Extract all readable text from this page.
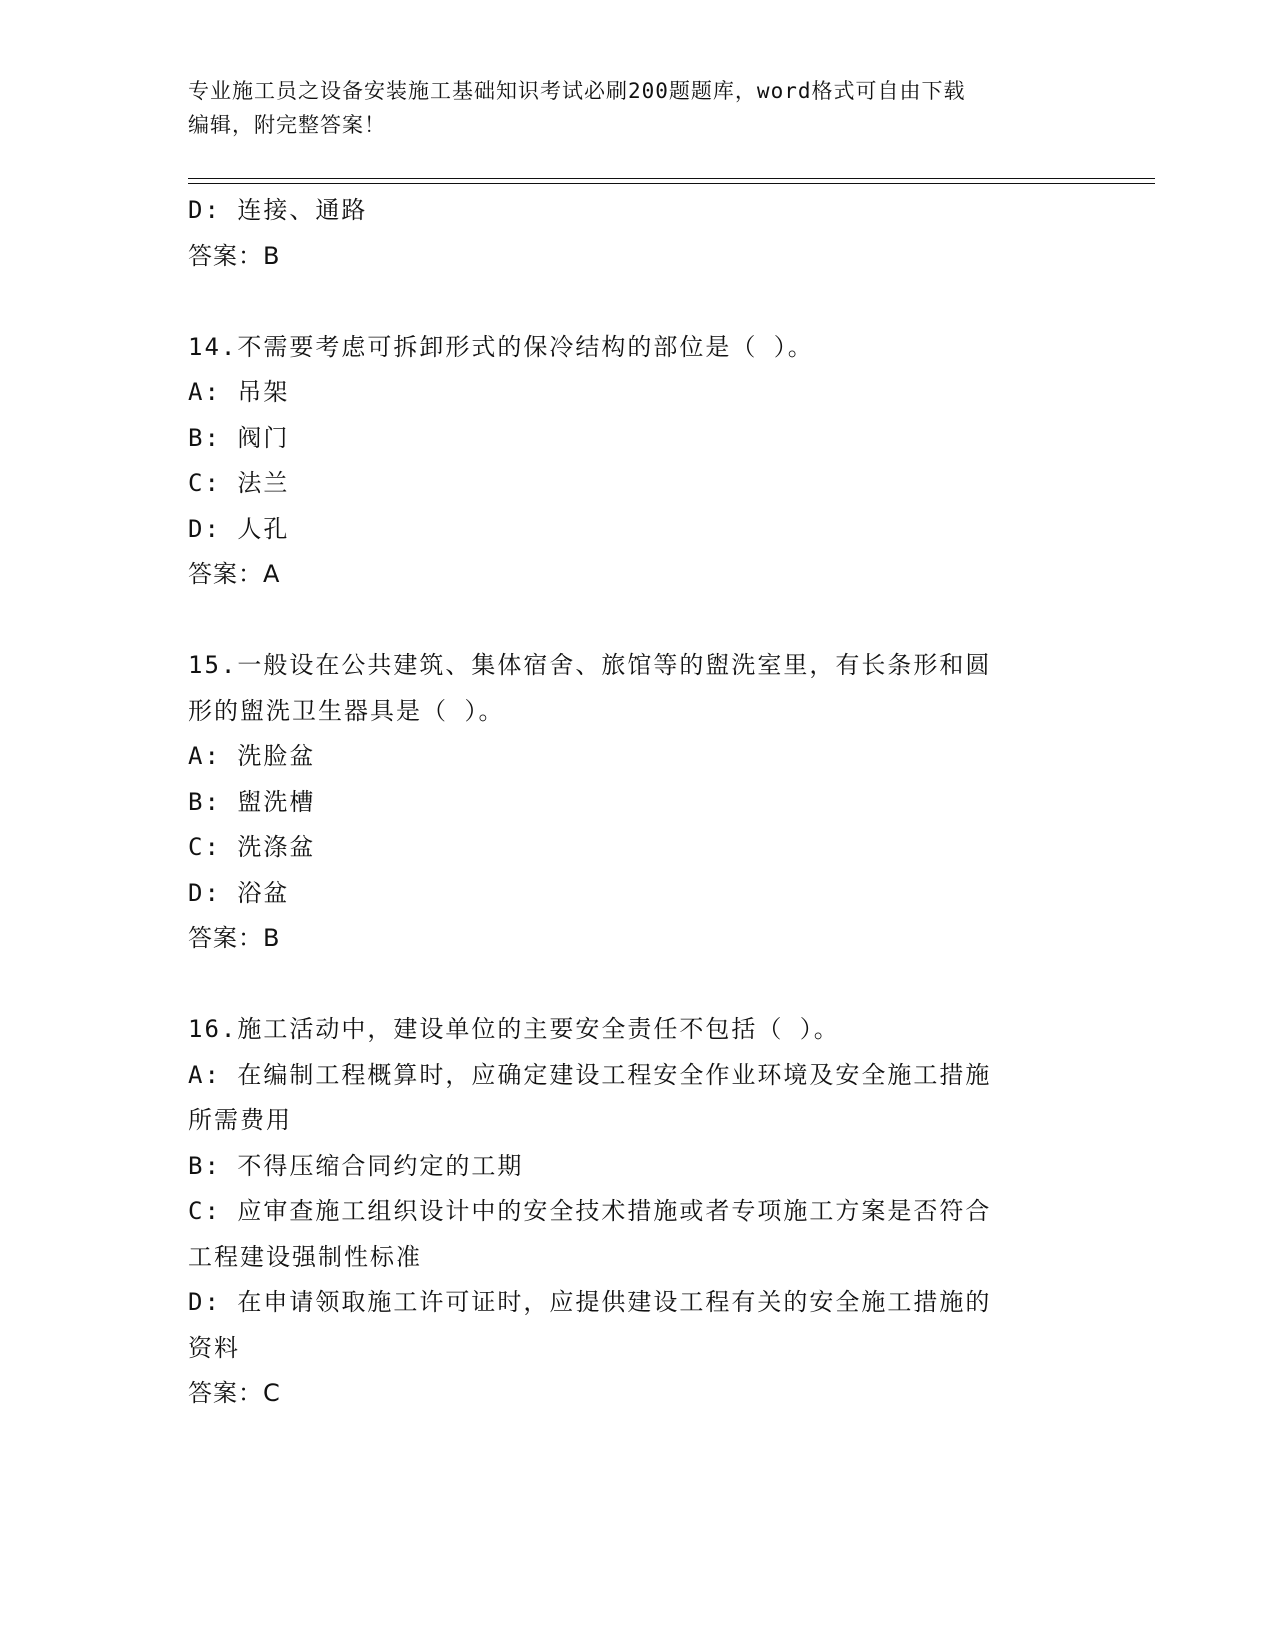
专业施工员之设备安装施工基础知识考试必刷200题题库，word格式可自由下载
编辑，附完整答案！
D: 连接、通路
答案：B
14.不需要考虑可拆卸形式的保冷结构的部位是（ ）。
A: 吊架
B: 阀门
C: 法兰
D: 人孔
答案：A
15.一般设在公共建筑、集体宿舍、旅馆等的盥洗室里，有长条形和圆
形的盥洗卫生器具是（ ）。
A: 洗脸盆
B: 盥洗槽
C: 洗涤盆
D: 浴盆
答案：B
16.施工活动中，建设单位的主要安全责任不包括（ ）。
A: 在编制工程概算时，应确定建设工程安全作业环境及安全施工措施
所需费用
B: 不得压缩合同约定的工期
C: 应审查施工组织设计中的安全技术措施或者专项施工方案是否符合
工程建设强制性标准
D: 在申请领取施工许可证时，应提供建设工程有关的安全施工措施的
资料
答案：C
